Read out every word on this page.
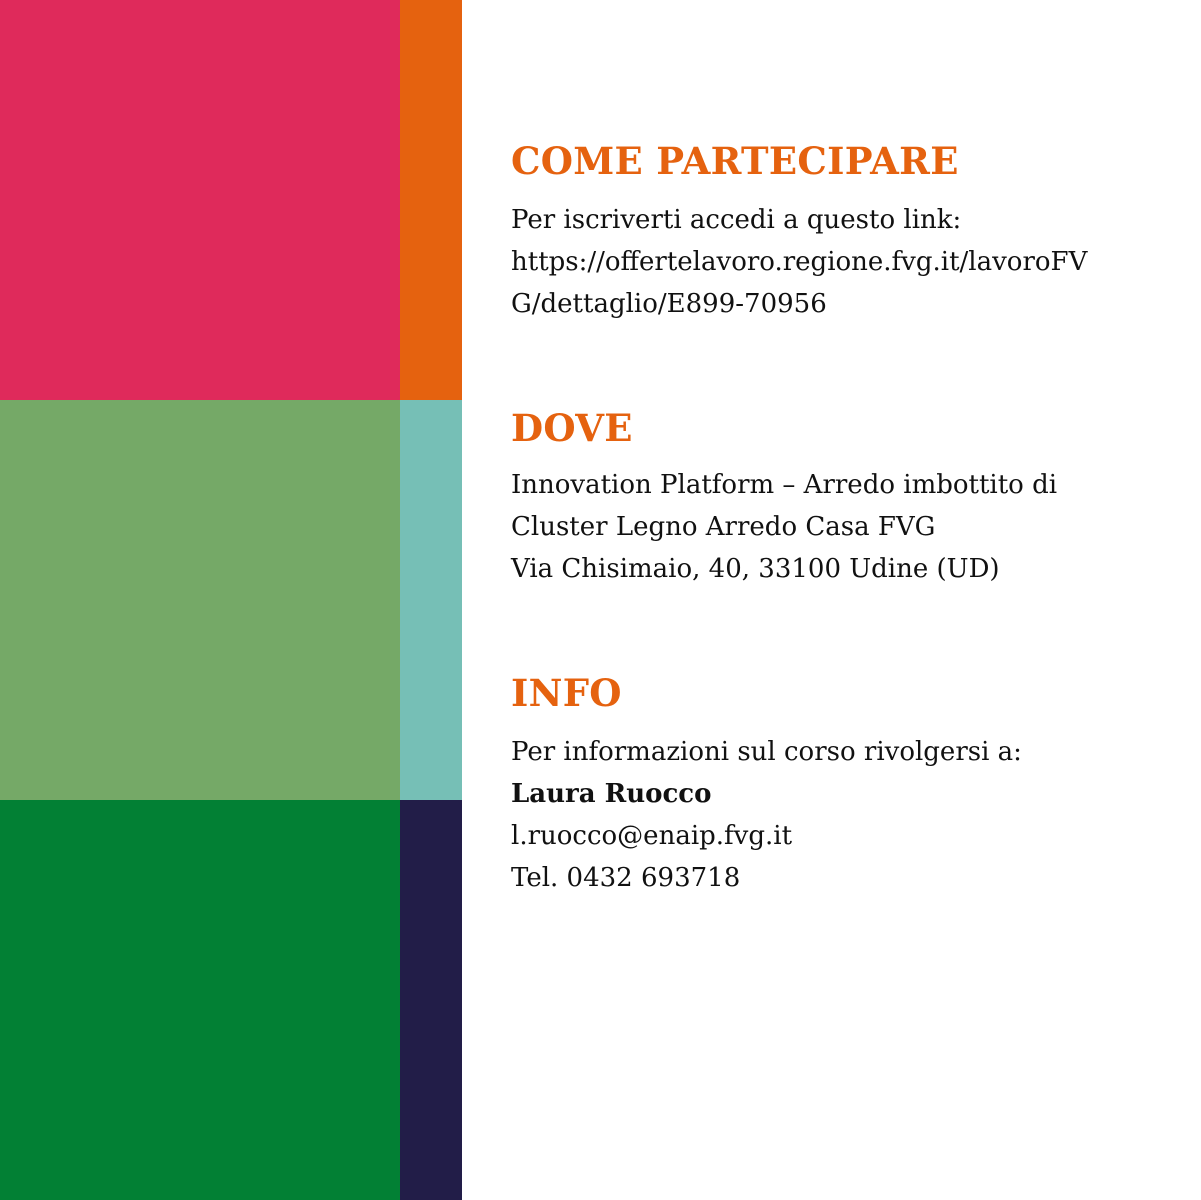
COME PARTECIPARE
Per iscriverti accedi a questo link:
https://offertelavoro.regione.fvg.it/lavoroFV
G/dettaglio/E899-70956
DOVE
Innovation Platform – Arredo imbottito di
Cluster Legno Arredo Casa FVG
Via Chisimaio, 40, 33100 Udine (UD)
INFO
Per informazioni sul corso rivolgersi a:
Laura Ruocco
l.ruocco@enaip.fvg.it
Tel. 0432 693718
